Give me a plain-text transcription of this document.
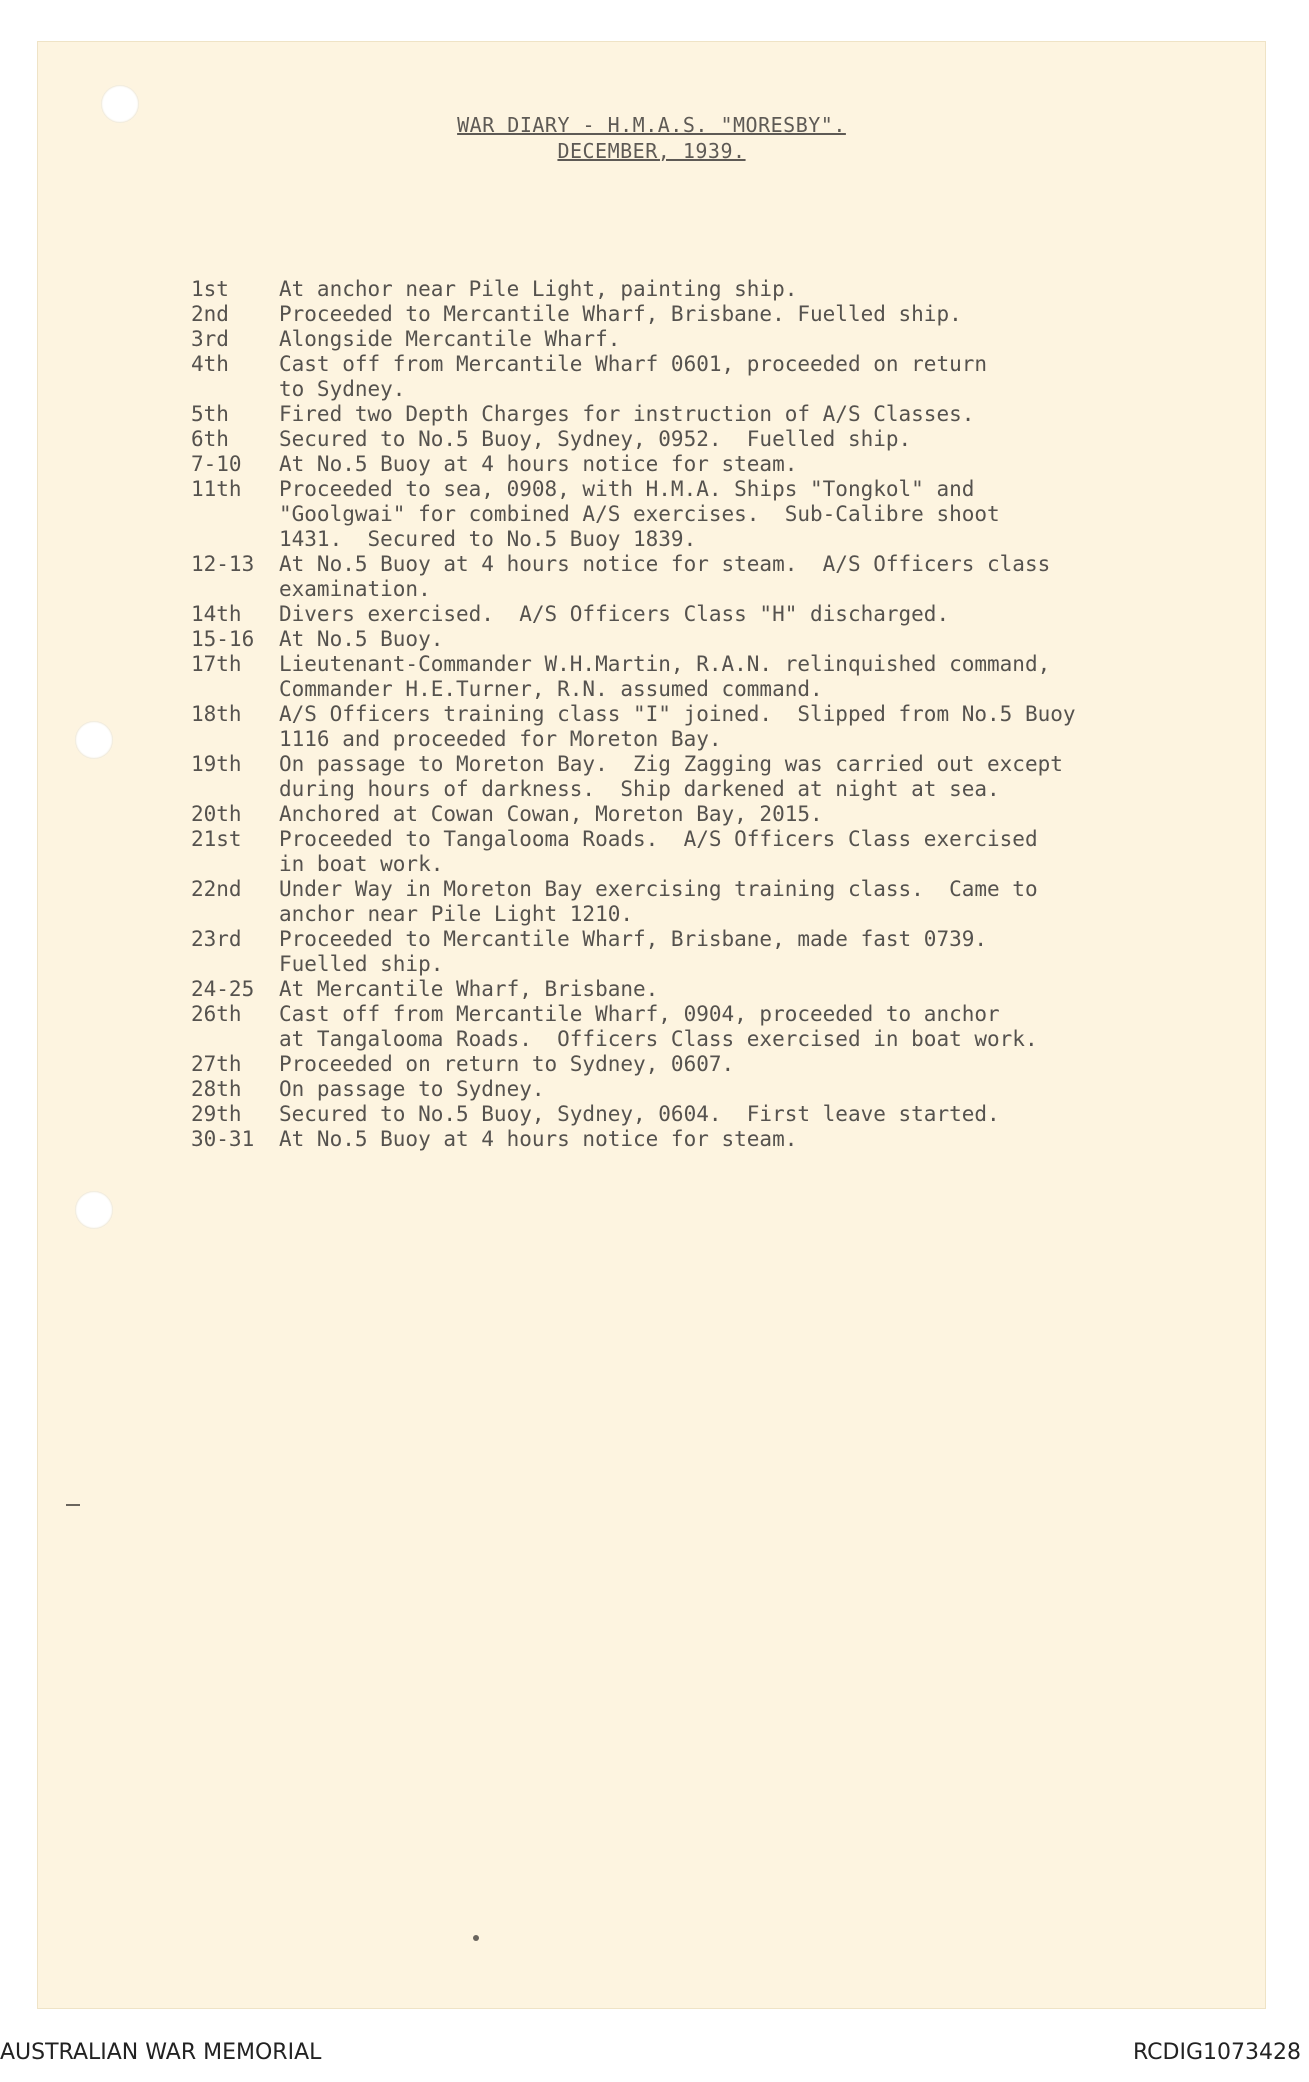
WAR DIARY - H.M.A.S. "MORESBY".
DECEMBER, 1939.
1st	At anchor near Pile Light, painting ship.
2nd	Proceeded to Mercantile Wharf, Brisbane. Fuelled ship.
3rd	Alongside Mercantile Wharf.
4th	Cast off from Mercantile Wharf 0601, proceeded on return
to Sydney.
5th	Fired two Depth Charges for instruction of A/S Classes.
6th	Secured to No.5 Buoy, Sydney, 0952.  Fuelled ship.
7-10	At No.5 Buoy at 4 hours notice for steam.
11th	Proceeded to sea, 0908, with H.M.A. Ships "Tongkol" and
"Goolgwai" for combined A/S exercises.  Sub-Calibre shoot
1431.  Secured to No.5 Buoy 1839.
12-13	At No.5 Buoy at 4 hours notice for steam.  A/S Officers class
examination.
14th	Divers exercised.  A/S Officers Class "H" discharged.
15-16	At No.5 Buoy.
17th	Lieutenant-Commander W.H.Martin, R.A.N. relinquished command,
Commander H.E.Turner, R.N. assumed command.
18th	A/S Officers training class "I" joined.  Slipped from No.5 Buoy
1116 and proceeded for Moreton Bay.
19th	On passage to Moreton Bay.  Zig Zagging was carried out except
during hours of darkness.  Ship darkened at night at sea.
20th	Anchored at Cowan Cowan, Moreton Bay, 2015.
21st	Proceeded to Tangalooma Roads.  A/S Officers Class exercised
in boat work.
22nd	Under Way in Moreton Bay exercising training class.  Came to
anchor near Pile Light 1210.
23rd	Proceeded to Mercantile Wharf, Brisbane, made fast 0739.
Fuelled ship.
24-25	At Mercantile Wharf, Brisbane.
26th	Cast off from Mercantile Wharf, 0904, proceeded to anchor
at Tangalooma Roads.  Officers Class exercised in boat work.
27th	Proceeded on return to Sydney, 0607.
28th	On passage to Sydney.
29th	Secured to No.5 Buoy, Sydney, 0604.  First leave started.
30-31	At No.5 Buoy at 4 hours notice for steam.
AUSTRALIAN WAR MEMORIAL	RCDIG1073428
